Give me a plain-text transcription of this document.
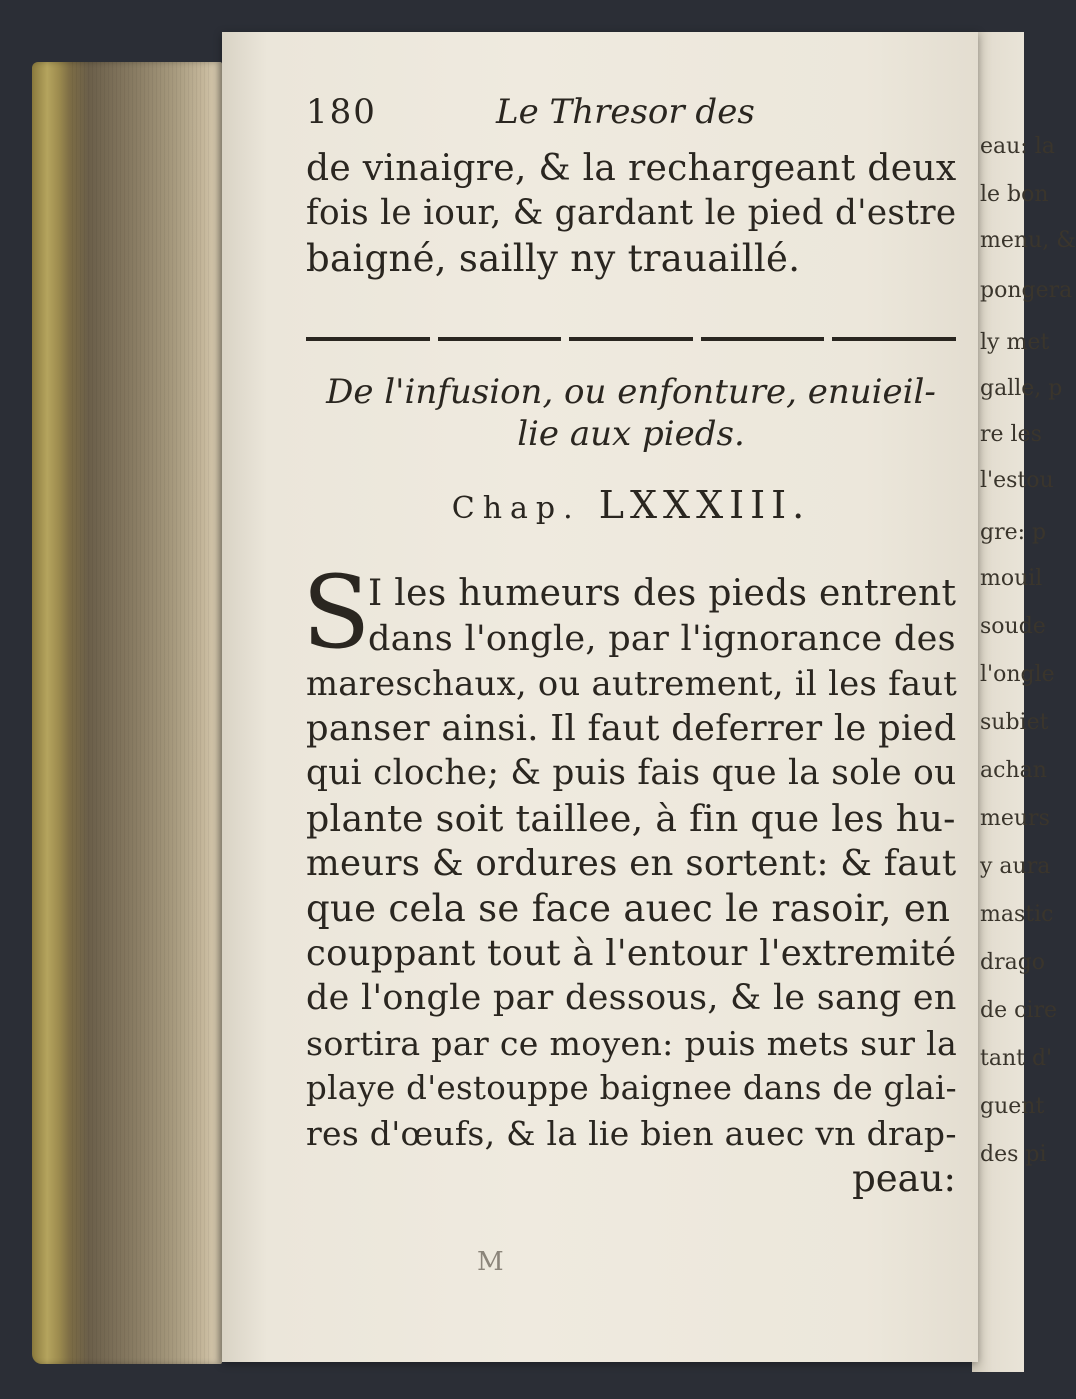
eau: la
le bon
menu, &
pongera
ly met
galle, p
re les
l'estou
gre: p
mouil
soude
l'ongle
subiet
achan
meurs
y aura
mastic
drago
de cire
tant d'
guent
des pi
180	Le Thresor des
de vinaigre, & la rechargeant deux
fois le iour, & gardant le pied d'estre
baigné, sailly ny trauaillé.
De l'infusion, ou enfonture, enuieil-
lie aux pieds.
Chap. LXXXIII.
S
I les humeurs des pieds entrent
dans l'ongle, par l'ignorance des
mareschaux, ou autrement, il les faut
panser ainsi. Il faut deferrer le pied
qui cloche; & puis fais que la sole ou
plante soit taillee, à fin que les hu-
meurs & ordures en sortent: & faut
que cela se face auec le rasoir, en
couppant tout à l'entour l'extremité
de l'ongle par dessous, & le sang en
sortira par ce moyen: puis mets sur la
playe d'estouppe baignee dans de glai-
res d'œufs, & la lie bien auec vn drap-
peau:
M
